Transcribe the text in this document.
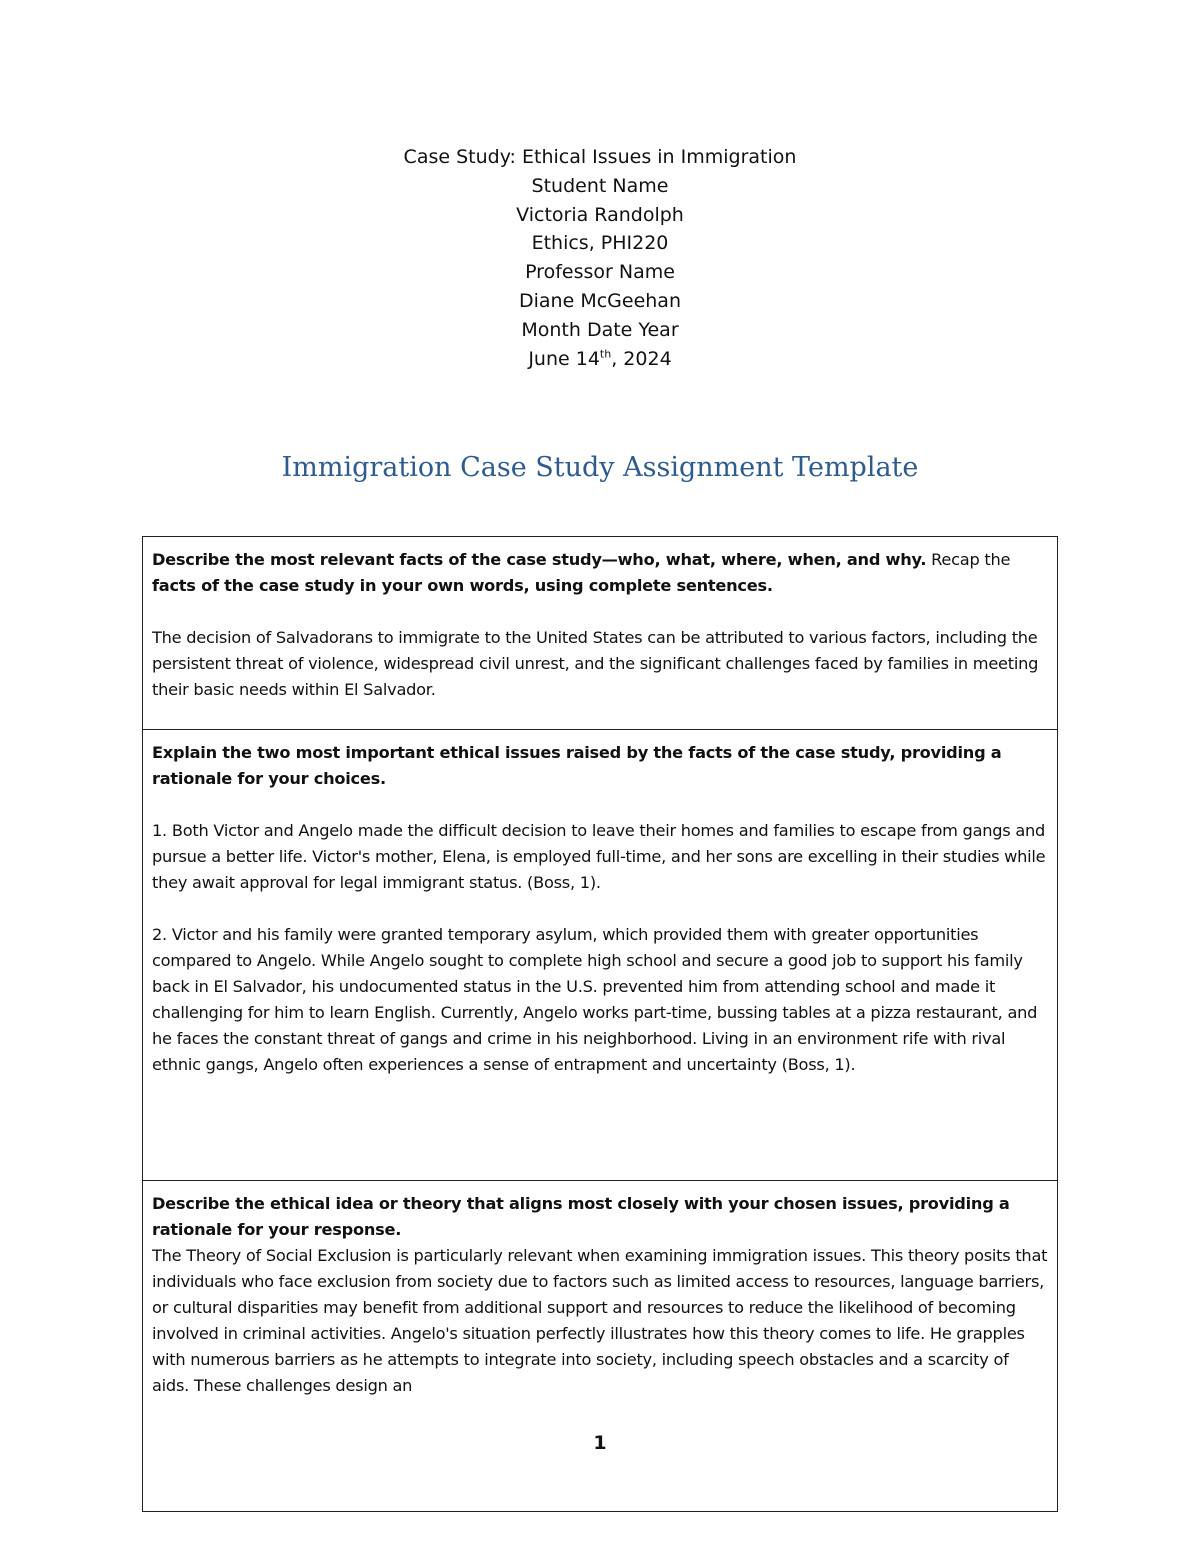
Case Study: Ethical Issues in Immigration
Student Name
Victoria Randolph
Ethics, PHI220
Professor Name
Diane McGeehan
Month Date Year
June 14th, 2024
Immigration Case Study Assignment Template

Describe the most relevant facts of the case study—who, what, where, when, and why. Recap the facts of the case study in your own words, using complete sentences.

The decision of Salvadorans to immigrate to the United States can be attributed to various factors, including the persistent threat of violence, widespread civil unrest, and the significant challenges faced by families in meeting their basic needs within El Salvador.

Explain the two most important ethical issues raised by the facts of the case study, providing a rationale for your choices.

1. Both Victor and Angelo made the difficult decision to leave their homes and families to escape from gangs and pursue a better life. Victor's mother, Elena, is employed full-time, and her sons are excelling in their studies while they await approval for legal immigrant status. (Boss, 1).

2. Victor and his family were granted temporary asylum, which provided them with greater opportunities compared to Angelo. While Angelo sought to complete high school and secure a good job to support his family back in El Salvador, his undocumented status in the U.S. prevented him from attending school and made it challenging for him to learn English. Currently, Angelo works part-time, bussing tables at a pizza restaurant, and he faces the constant threat of gangs and crime in his neighborhood. Living in an environment rife with rival ethnic gangs, Angelo often experiences a sense of entrapment and uncertainty (Boss, 1).

Describe the ethical idea or theory that aligns most closely with your chosen issues, providing a rationale for your response.

The Theory of Social Exclusion is particularly relevant when examining immigration issues. This theory posits that individuals who face exclusion from society due to factors such as limited access to resources, language barriers, or cultural disparities may benefit from additional support and resources to reduce the likelihood of becoming involved in criminal activities. Angelo's situation perfectly illustrates how this theory comes to life. He grapples with numerous barriers as he attempts to integrate into society, including speech obstacles and a scarcity of aids. These challenges design an

1
